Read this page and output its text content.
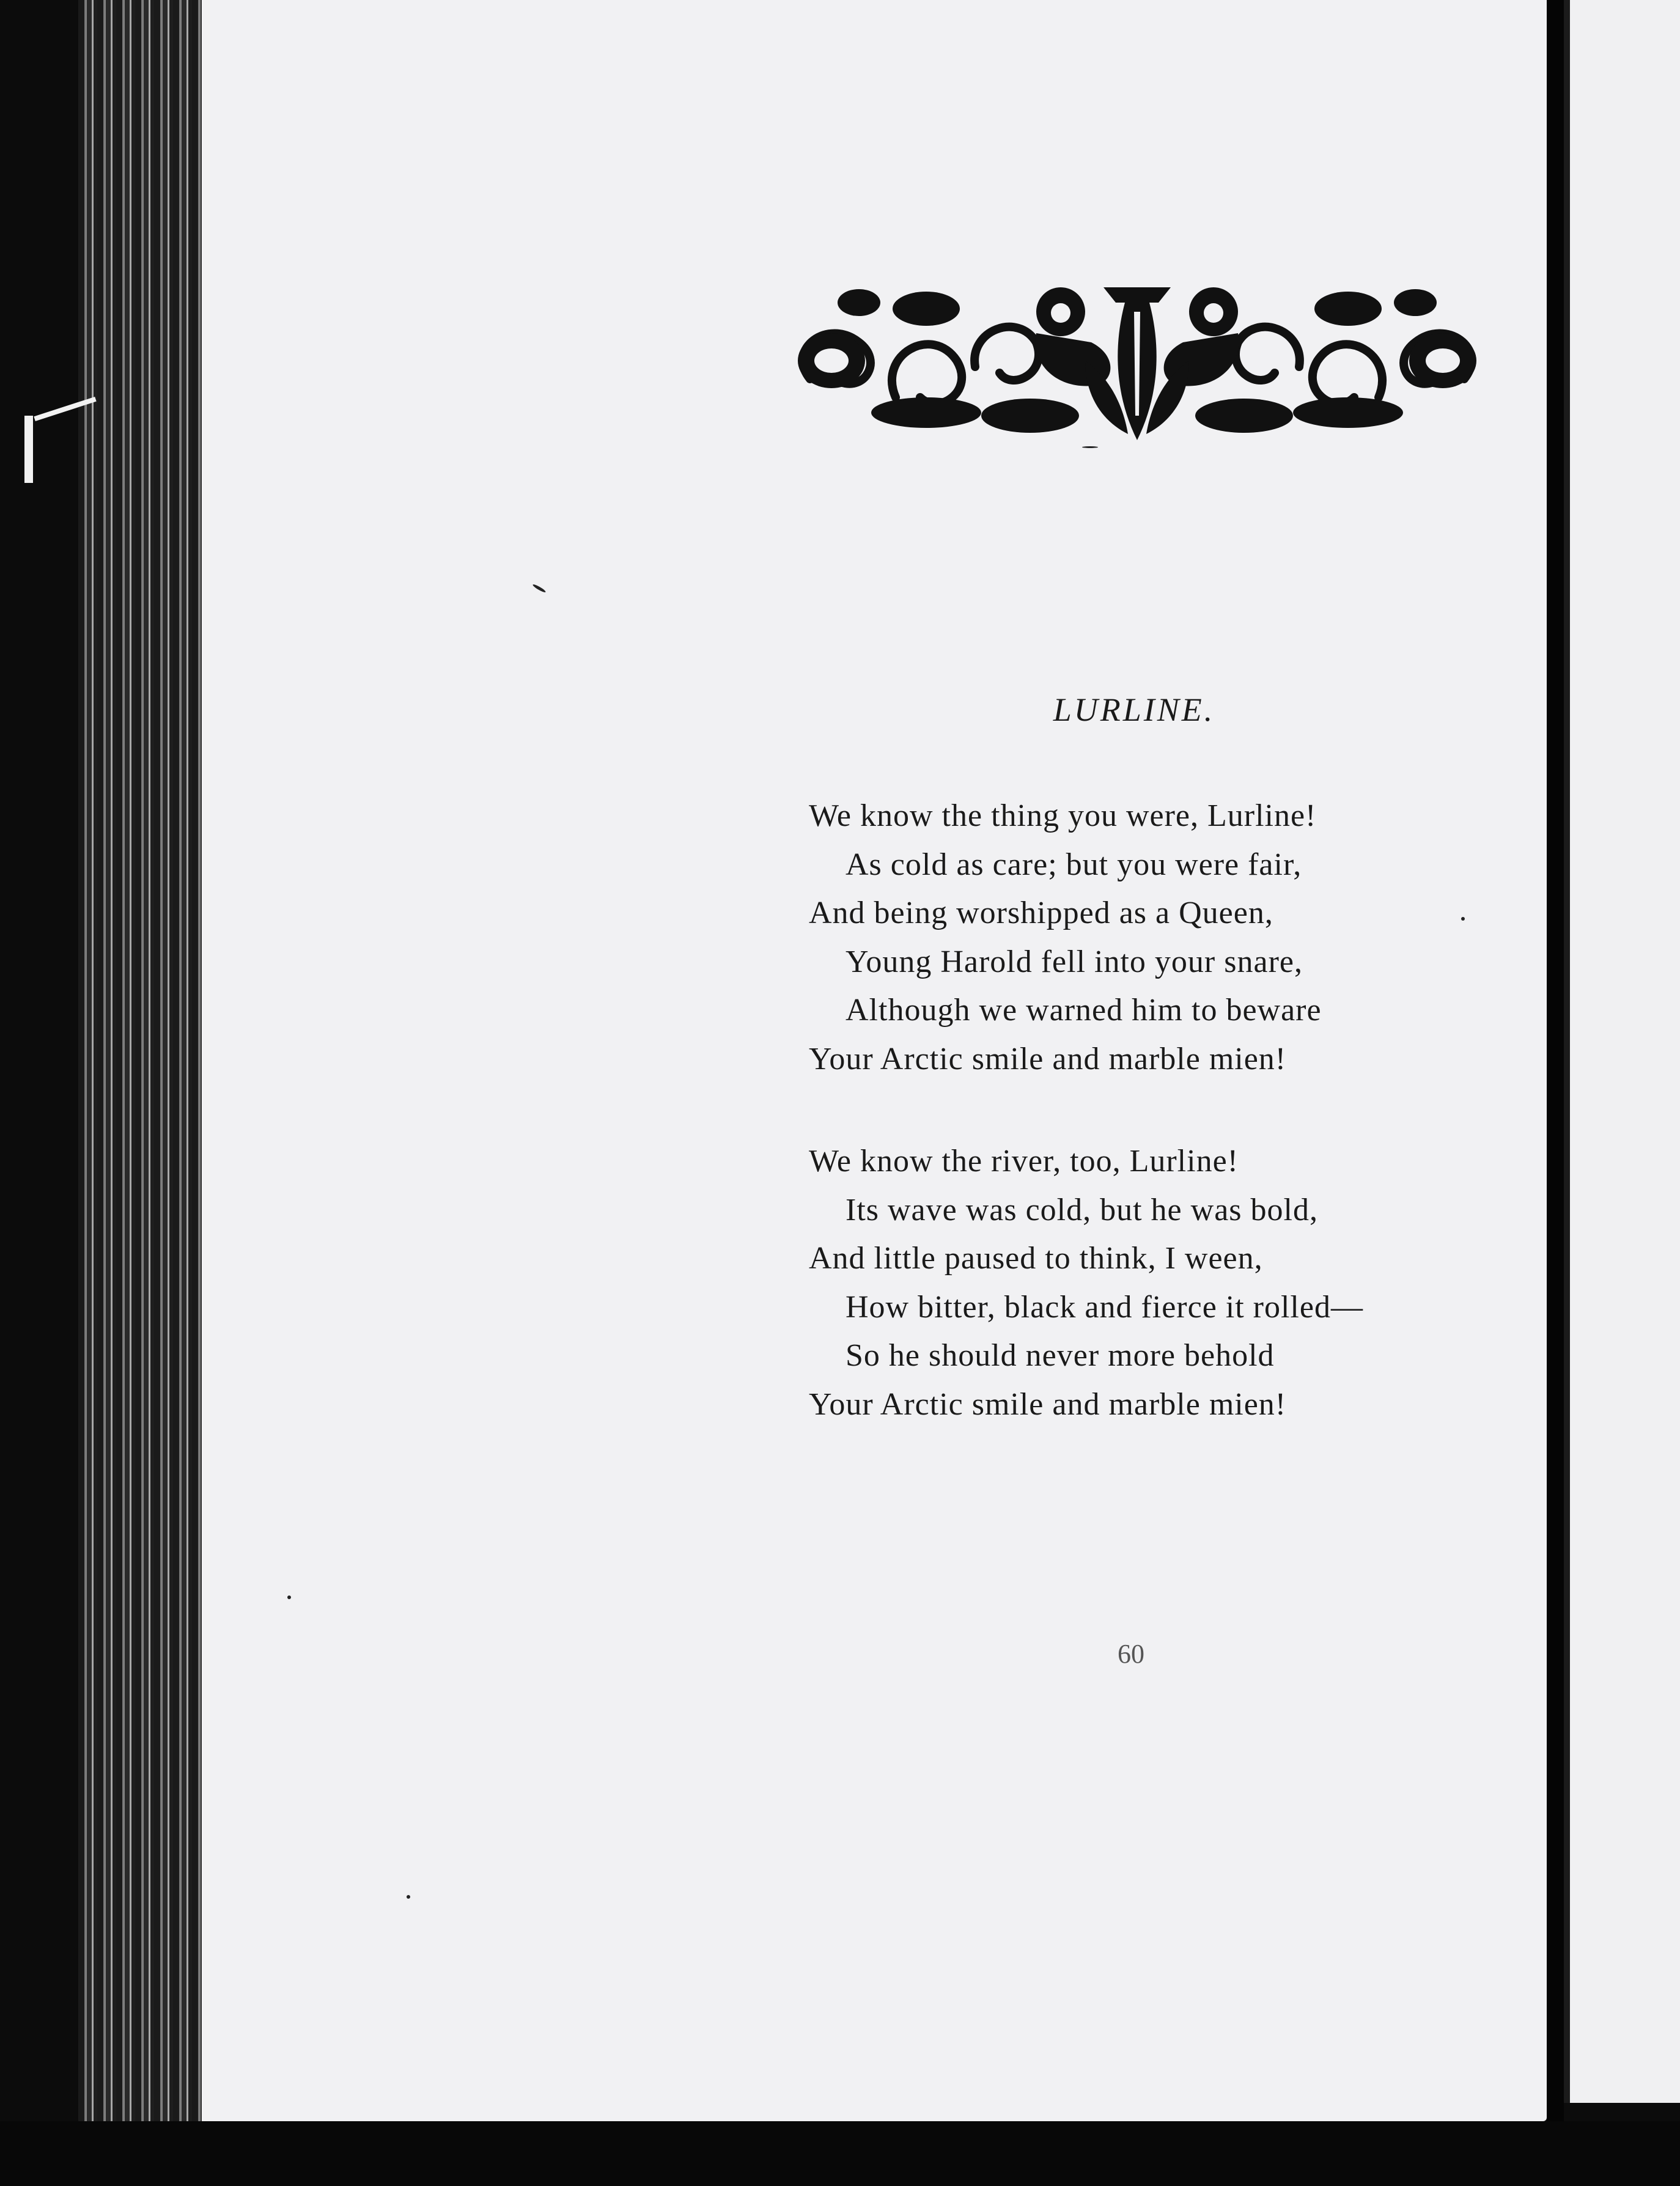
LURLINE.
We know the thing you were, Lurline!
As cold as care; but you were fair,
And being worshipped as a Queen,
Young Harold fell into your snare,
Although we warned him to beware
Your Arctic smile and marble mien!
We know the river, too, Lurline!
Its wave was cold, but he was bold,
And little paused to think, I ween,
How bitter, black and fierce it rolled—
So he should never more behold
Your Arctic smile and marble mien!
60
